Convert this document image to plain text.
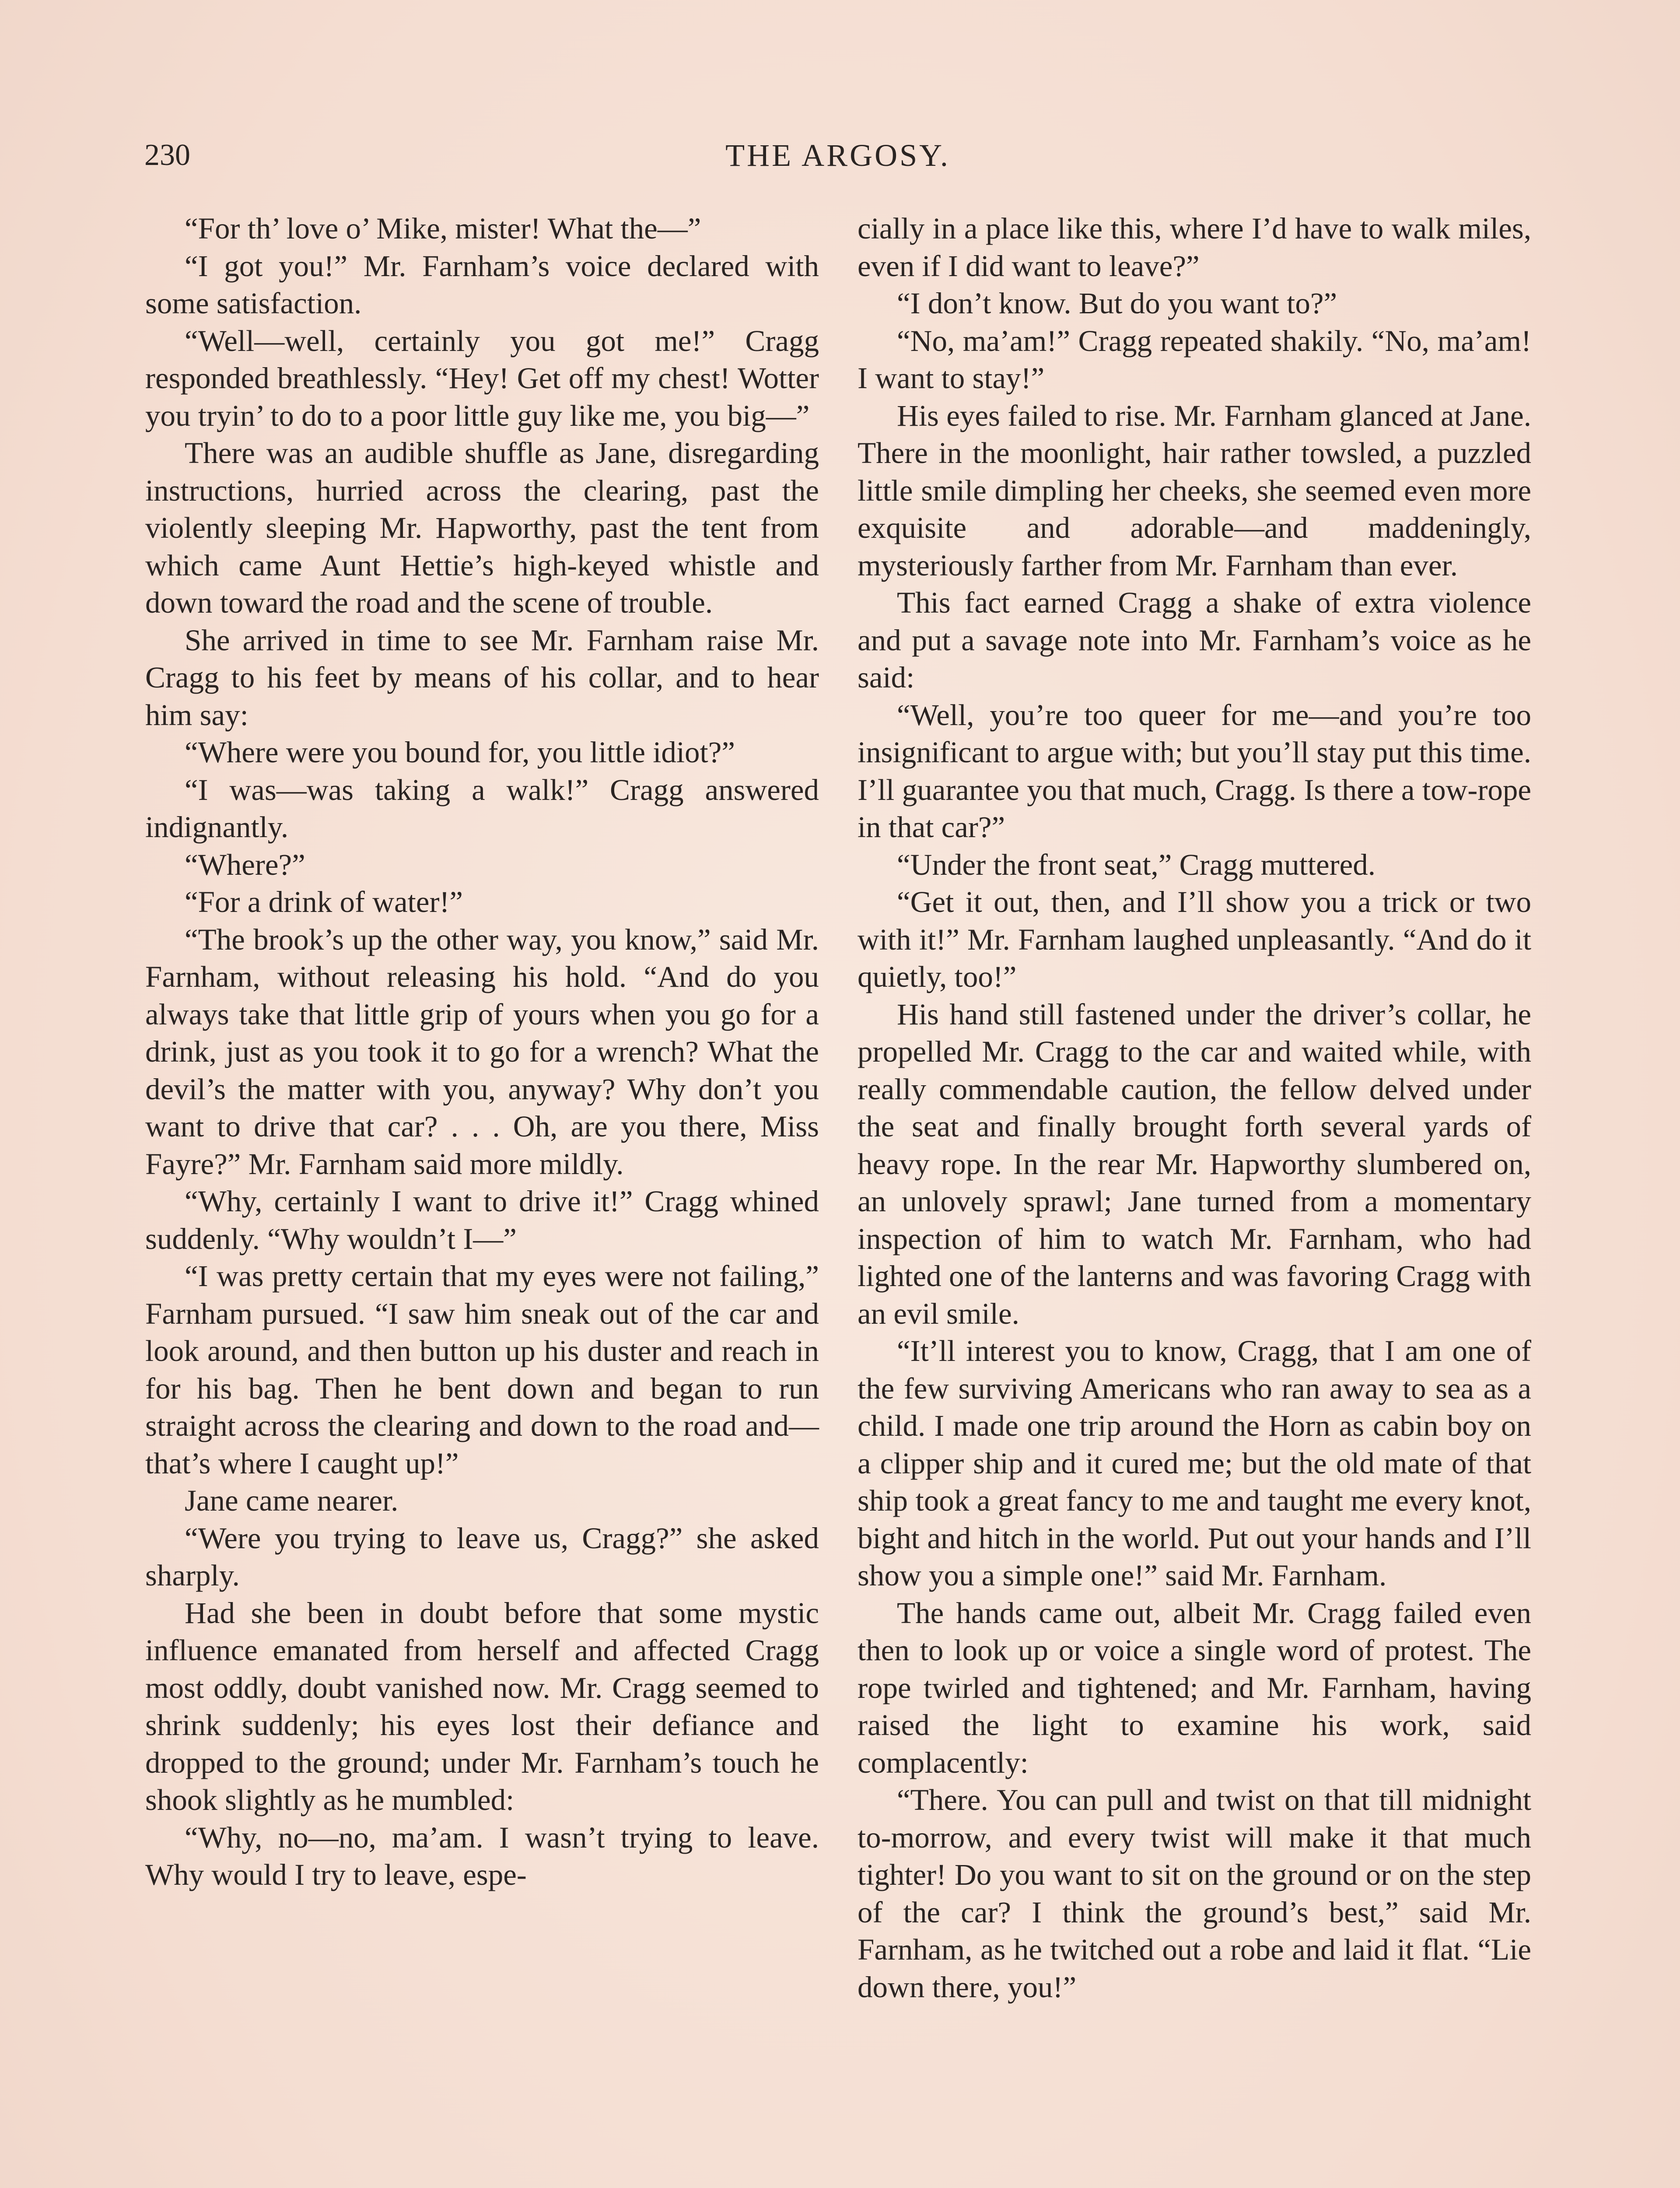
230	THE ARGOSY.

“For th’ love o’ Mike, mister! What the—”

“I got you!” Mr. Farnham’s voice declared with some satisfaction.

“Well—well, certainly you got me!” Cragg responded breathlessly. “Hey! Get off my chest! Wotter you tryin’ to do to a poor little guy like me, you big—”

There was an audible shuffle as Jane, disregarding instructions, hurried across the clearing, past the violently sleeping Mr. Hapworthy, past the tent from which came Aunt Hettie’s high-keyed whistle and down toward the road and the scene of trouble.

She arrived in time to see Mr. Farnham raise Mr. Cragg to his feet by means of his collar, and to hear him say:

“Where were you bound for, you little idiot?”

“I was—was taking a walk!” Cragg answered indignantly.

“Where?”

“For a drink of water!”

“The brook’s up the other way, you know,” said Mr. Farnham, without releasing his hold. “And do you always take that little grip of yours when you go for a drink, just as you took it to go for a wrench? What the devil’s the matter with you, anyway? Why don’t you want to drive that car? . . . Oh, are you there, Miss Fayre?” Mr. Farnham said more mildly.

“Why, certainly I want to drive it!” Cragg whined suddenly. “Why wouldn’t I—”

“I was pretty certain that my eyes were not failing,” Farnham pursued. “I saw him sneak out of the car and look around, and then button up his duster and reach in for his bag. Then he bent down and began to run straight across the clearing and down to the road and—that’s where I caught up!”

Jane came nearer.

“Were you trying to leave us, Cragg?” she asked sharply.

Had she been in doubt before that some mystic influence emanated from herself and affected Cragg most oddly, doubt vanished now. Mr. Cragg seemed to shrink suddenly; his eyes lost their defiance and dropped to the ground; under Mr. Farnham’s touch he shook slightly as he mumbled:

“Why, no—no, ma’am. I wasn’t trying to leave. Why would I try to leave, espe-

cially in a place like this, where I’d have to walk miles, even if I did want to leave?”

“I don’t know. But do you want to?”

“No, ma’am!” Cragg repeated shakily. “No, ma’am! I want to stay!”

His eyes failed to rise. Mr. Farnham glanced at Jane. There in the moonlight, hair rather towsled, a puzzled little smile dimpling her cheeks, she seemed even more exquisite and adorable—and maddeningly, mysteriously farther from Mr. Farnham than ever.

This fact earned Cragg a shake of extra violence and put a savage note into Mr. Farnham’s voice as he said:

“Well, you’re too queer for me—and you’re too insignificant to argue with; but you’ll stay put this time. I’ll guarantee you that much, Cragg. Is there a tow-rope in that car?”

“Under the front seat,” Cragg muttered.

“Get it out, then, and I’ll show you a trick or two with it!” Mr. Farnham laughed unpleasantly. “And do it quietly, too!”

His hand still fastened under the driver’s collar, he propelled Mr. Cragg to the car and waited while, with really commendable caution, the fellow delved under the seat and finally brought forth several yards of heavy rope. In the rear Mr. Hapworthy slumbered on, an unlovely sprawl; Jane turned from a momentary inspection of him to watch Mr. Farnham, who had lighted one of the lanterns and was favoring Cragg with an evil smile.

“It’ll interest you to know, Cragg, that I am one of the few surviving Americans who ran away to sea as a child. I made one trip around the Horn as cabin boy on a clipper ship and it cured me; but the old mate of that ship took a great fancy to me and taught me every knot, bight and hitch in the world. Put out your hands and I’ll show you a simple one!” said Mr. Farnham.

The hands came out, albeit Mr. Cragg failed even then to look up or voice a single word of protest. The rope twirled and tightened; and Mr. Farnham, having raised the light to examine his work, said complacently:

“There. You can pull and twist on that till midnight to-morrow, and every twist will make it that much tighter! Do you want to sit on the ground or on the step of the car? I think the ground’s best,” said Mr. Farnham, as he twitched out a robe and laid it flat. “Lie down there, you!”
